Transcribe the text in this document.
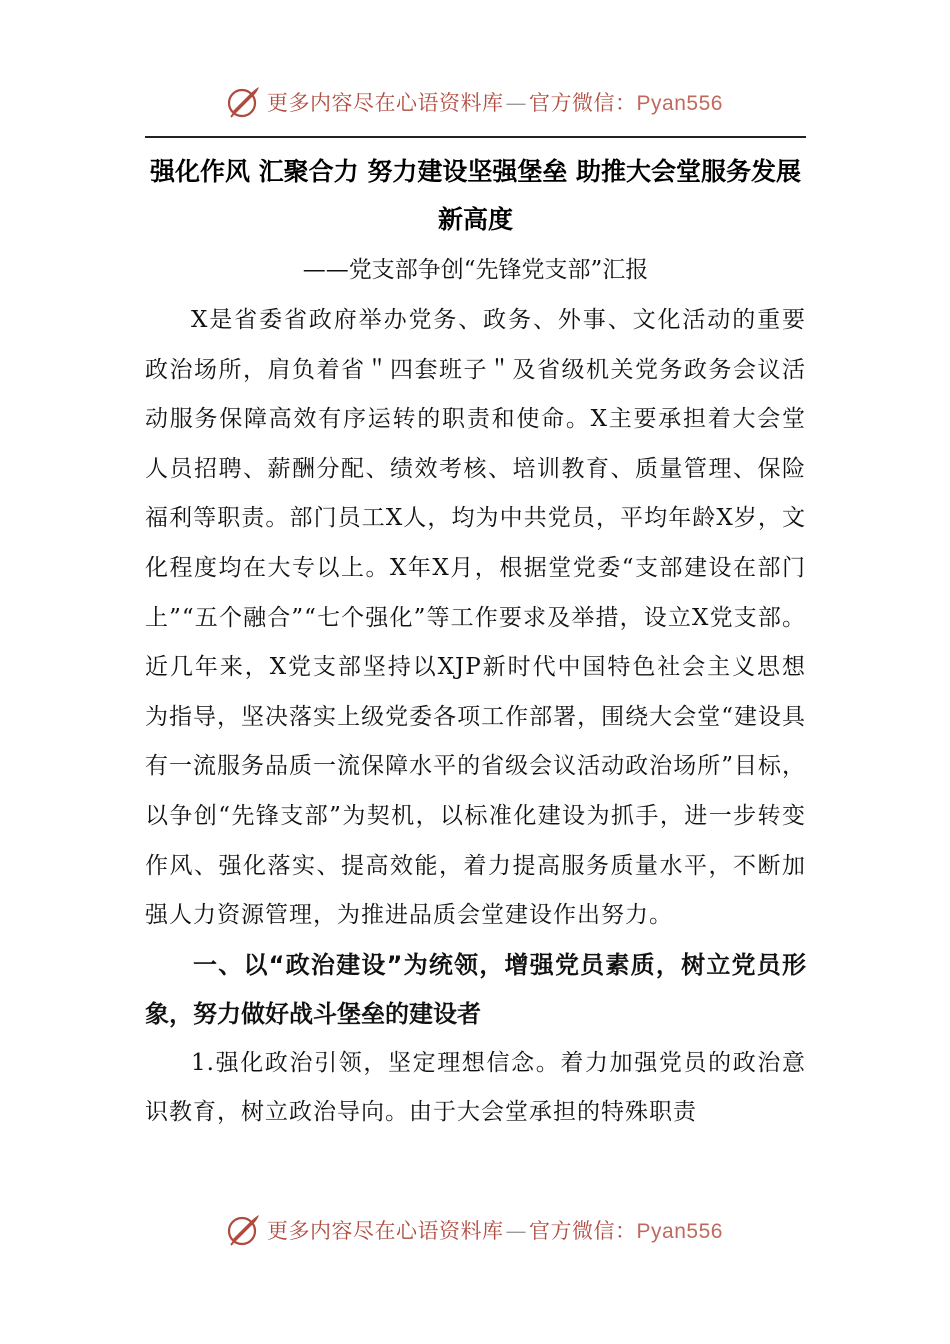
更多内容尽在心语资料库—官方微信：Pyan556
强化作风 汇聚合力 努力建设坚强堡垒 助推大会堂服务发展新高度
——党支部争创“先锋党支部”汇报

X是省委省政府举办党务、政务、外事、文化活动的重要政治场所，肩负着省＂四套班子＂及省级机关党务政务会议活动服务保障高效有序运转的职责和使命。X主要承担着大会堂人员招聘、薪酬分配、绩效考核、培训教育、质量管理、保险福利等职责。部门员工X人，均为中共党员，平均年龄X岁，文化程度均在大专以上。X年X月，根据堂党委“支部建设在部门上”“五个融合”“七个强化”等工作要求及举措，设立X党支部。近几年来，X党支部坚持以XJP新时代中国特色社会主义思想为指导，坚决落实上级党委各项工作部署，围绕大会堂“建设具有一流服务品质一流保障水平的省级会议活动政治场所”目标，以争创“先锋支部”为契机，以标准化建设为抓手，进一步转变作风、强化落实、提高效能，着力提高服务质量水平，不断加强人力资源管理，为推进品质会堂建设作出努力。

一、以“政治建设”为统领，增强党员素质，树立党员形象，努力做好战斗堡垒的建设者

1.强化政治引领，坚定理想信念。着力加强党员的政治意识教育，树立政治导向。由于大会堂承担的特殊职责

更多内容尽在心语资料库—官方微信：Pyan556
